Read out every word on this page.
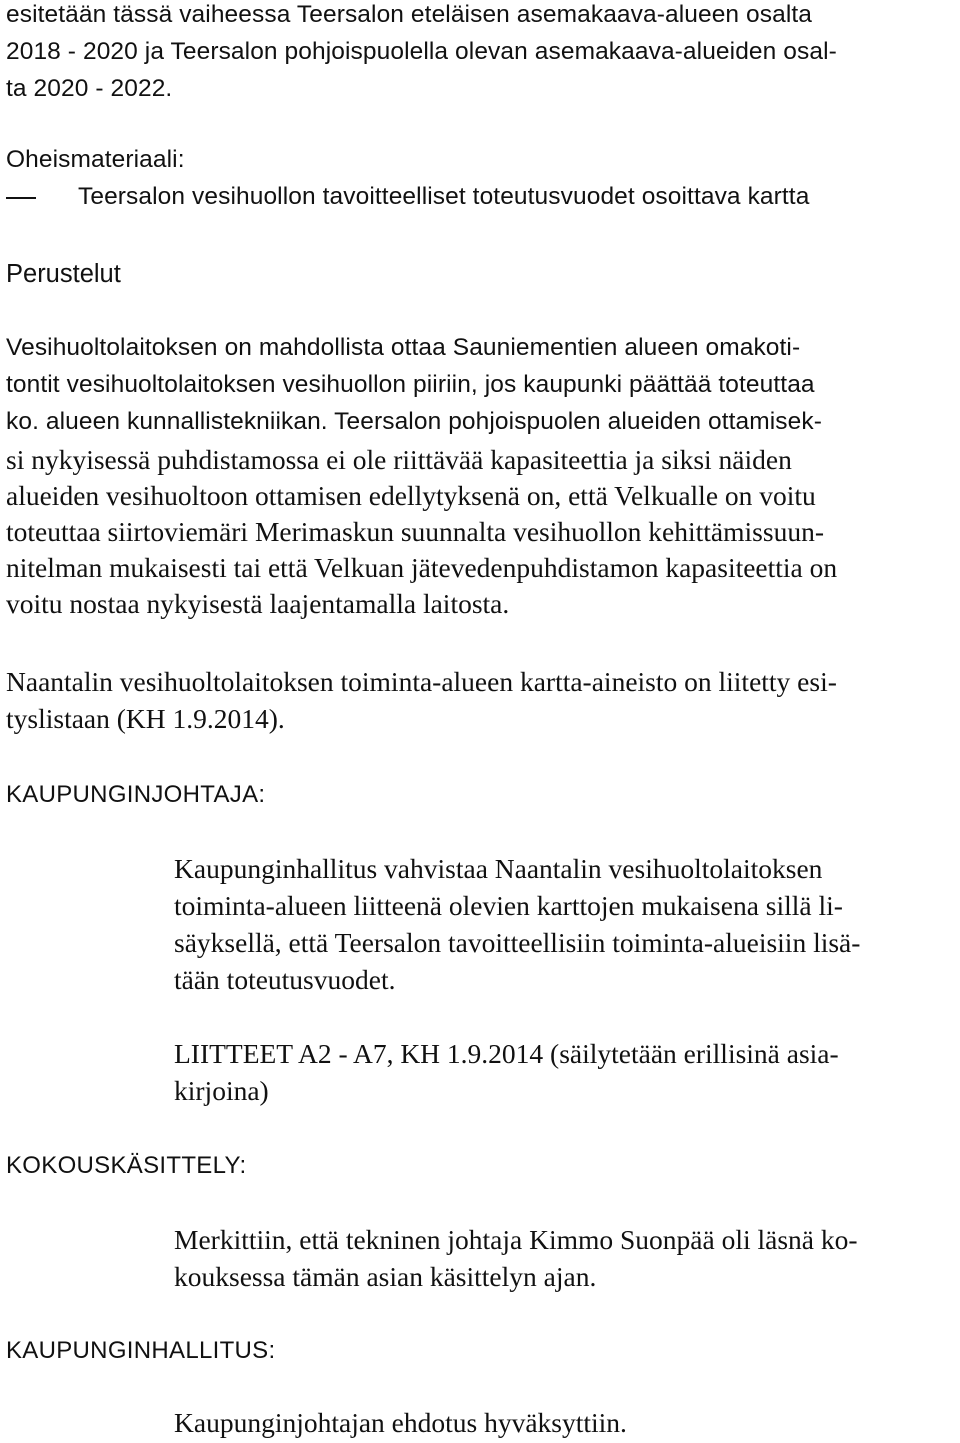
esitetään tässä vaiheessa Teersalon eteläisen asemakaava-alueen osalta
2018 - 2020 ja Teersalon pohjoispuolella olevan asemakaava-alueiden osal-
ta 2020 - 2022.
Oheismateriaali:
Teersalon vesihuollon tavoitteelliset toteutusvuodet osoittava kartta
Perustelut
Vesihuoltolaitoksen on mahdollista ottaa Sauniementien alueen omakoti-
tontit vesihuoltolaitoksen vesihuollon piiriin, jos kaupunki päättää toteuttaa
ko. alueen kunnallistekniikan. Teersalon pohjoispuolen alueiden ottamisek-
si nykyisessä puhdistamossa ei ole riittävää kapasiteettia ja siksi näiden
alueiden vesihuoltoon ottamisen edellytyksenä on, että Velkualle on voitu
toteuttaa siirtoviemäri Merimaskun suunnalta vesihuollon kehittämissuun-
nitelman mukaisesti tai että Velkuan jätevedenpuhdistamon kapasiteettia on
voitu nostaa nykyisestä laajentamalla laitosta.
Naantalin vesihuoltolaitoksen toiminta-alueen kartta-aineisto on liitetty esi-
tyslistaan (KH 1.9.2014).
KAUPUNGINJOHTAJA:
Kaupunginhallitus vahvistaa Naantalin vesihuoltolaitoksen
toiminta-alueen liitteenä olevien karttojen mukaisena sillä li-
säyksellä, että Teersalon tavoitteellisiin toiminta-alueisiin lisä-
tään toteutusvuodet.
LIITTEET A2 - A7, KH 1.9.2014 (säilytetään erillisinä asia-
kirjoina)
KOKOUSKÄSITTELY:
Merkittiin, että tekninen johtaja Kimmo Suonpää oli läsnä ko-
kouksessa tämän asian käsittelyn ajan.
KAUPUNGINHALLITUS:
Kaupunginjohtajan ehdotus hyväksyttiin.
